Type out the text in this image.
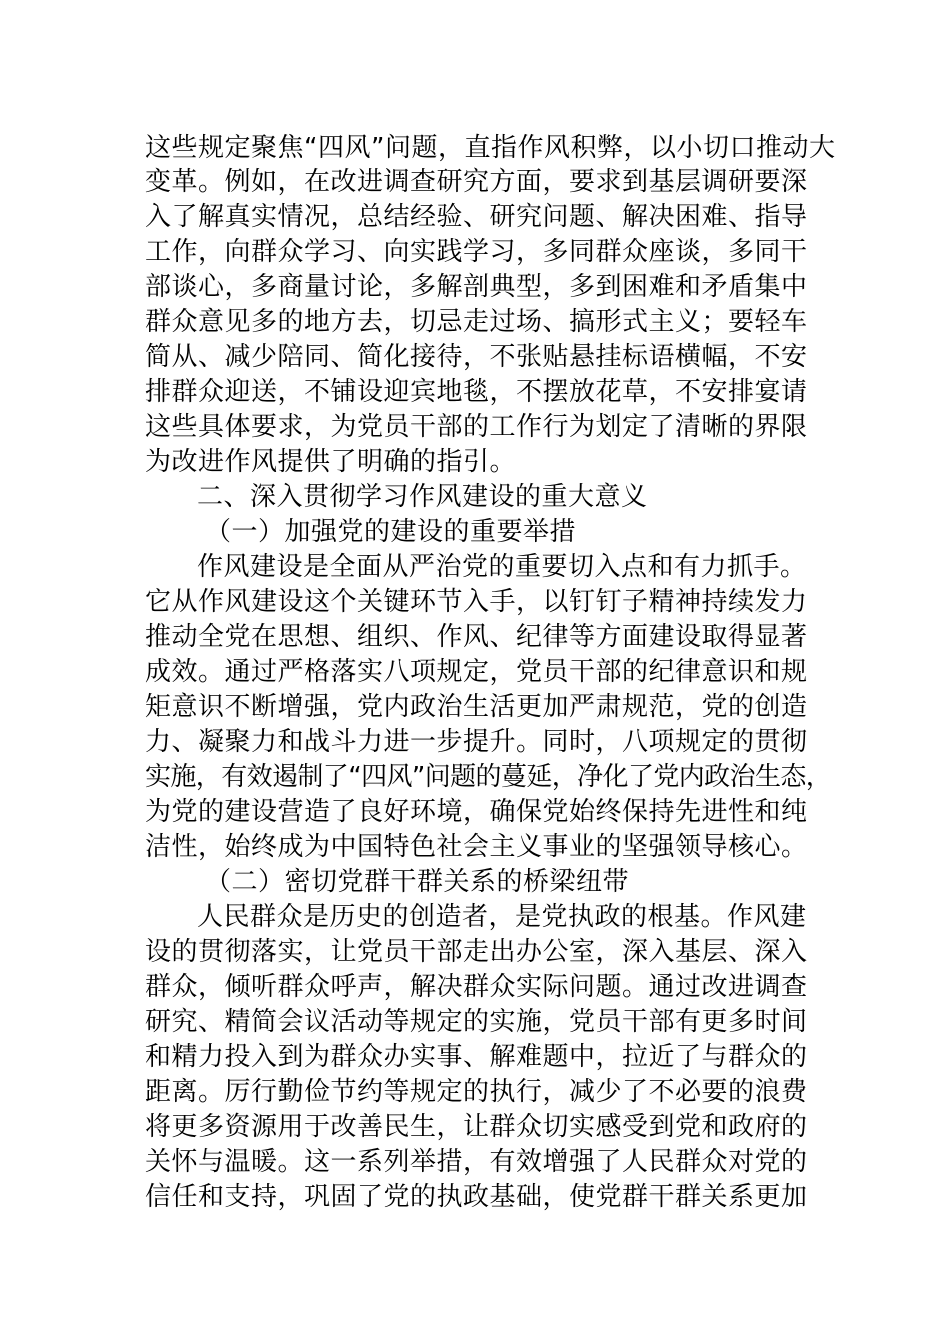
这些规定聚焦“四风”问题，直指作风积弊，以小切口推动大
变革。例如，在改进调查研究方面，要求到基层调研要深
入了解真实情况，总结经验、研究问题、解决困难、指导
工作，向群众学习、向实践学习，多同群众座谈，多同干
部谈心，多商量讨论，多解剖典型，多到困难和矛盾集中
群众意见多的地方去，切忌走过场、搞形式主义；要轻车
简从、减少陪同、简化接待，不张贴悬挂标语横幅，不安
排群众迎送，不铺设迎宾地毯，不摆放花草，不安排宴请
这些具体要求，为党员干部的工作行为划定了清晰的界限
为改进作风提供了明确的指引。
二、深入贯彻学习作风建设的重大意义
（一）加强党的建设的重要举措
作风建设是全面从严治党的重要切入点和有力抓手。
它从作风建设这个关键环节入手，以钉钉子精神持续发力
推动全党在思想、组织、作风、纪律等方面建设取得显著
成效。通过严格落实八项规定，党员干部的纪律意识和规
矩意识不断增强，党内政治生活更加严肃规范，党的创造
力、凝聚力和战斗力进一步提升。同时，八项规定的贯彻
实施，有效遏制了“四风”问题的蔓延，净化了党内政治生态，
为党的建设营造了良好环境，确保党始终保持先进性和纯
洁性，始终成为中国特色社会主义事业的坚强领导核心。
（二）密切党群干群关系的桥梁纽带
人民群众是历史的创造者，是党执政的根基。作风建
设的贯彻落实，让党员干部走出办公室，深入基层、深入
群众，倾听群众呼声，解决群众实际问题。通过改进调查
研究、精简会议活动等规定的实施，党员干部有更多时间
和精力投入到为群众办实事、解难题中，拉近了与群众的
距离。厉行勤俭节约等规定的执行，减少了不必要的浪费
将更多资源用于改善民生，让群众切实感受到党和政府的
关怀与温暖。这一系列举措，有效增强了人民群众对党的
信任和支持，巩固了党的执政基础，使党群干群关系更加
